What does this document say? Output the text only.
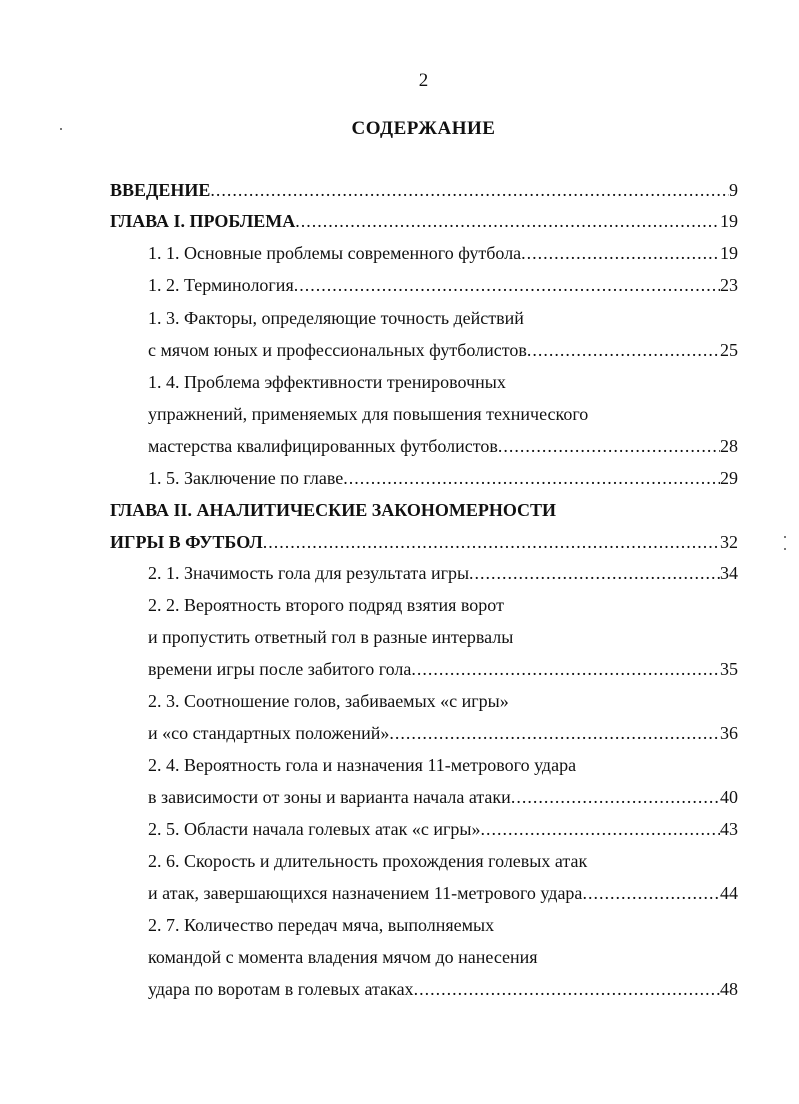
2
СОДЕРЖАНИЕ
ВВЕДЕНИЕ .....	9
ГЛАВА I. ПРОБЛЕМА .....	19
1. 1. Основные проблемы современного футбола .....	19
1. 2. Терминология .....	23
1. 3. Факторы, определяющие точность действий
с мячом юных и профессиональных футболистов .....	25
1. 4. Проблема эффективности тренировочных
упражнений, применяемых для повышения технического
мастерства квалифицированных футболистов .....	28
1. 5. Заключение по главе .....	29
ГЛАВА II. АНАЛИТИЧЕСКИЕ ЗАКОНОМЕРНОСТИ
ИГРЫ В ФУТБОЛ .....	32
2. 1. Значимость гола для результата игры .....	34
2. 2. Вероятность второго подряд взятия ворот
и пропустить ответный гол в разные интервалы
времени игры после забитого гола .....	35
2. 3. Соотношение голов, забиваемых «с игры»
и «со стандартных положений» .....	36
2. 4. Вероятность гола и назначения 11-метрового удара
в зависимости от зоны и варианта начала атаки .....	40
2. 5. Области начала голевых атак «с игры» .....	43
2. 6. Скорость и длительность прохождения голевых атак
и атак, завершающихся назначением 11-метрового удара .....	44
2. 7. Количество передач мяча, выполняемых
командой с момента владения мячом до нанесения
удара по воротам в голевых атаках .....	48
